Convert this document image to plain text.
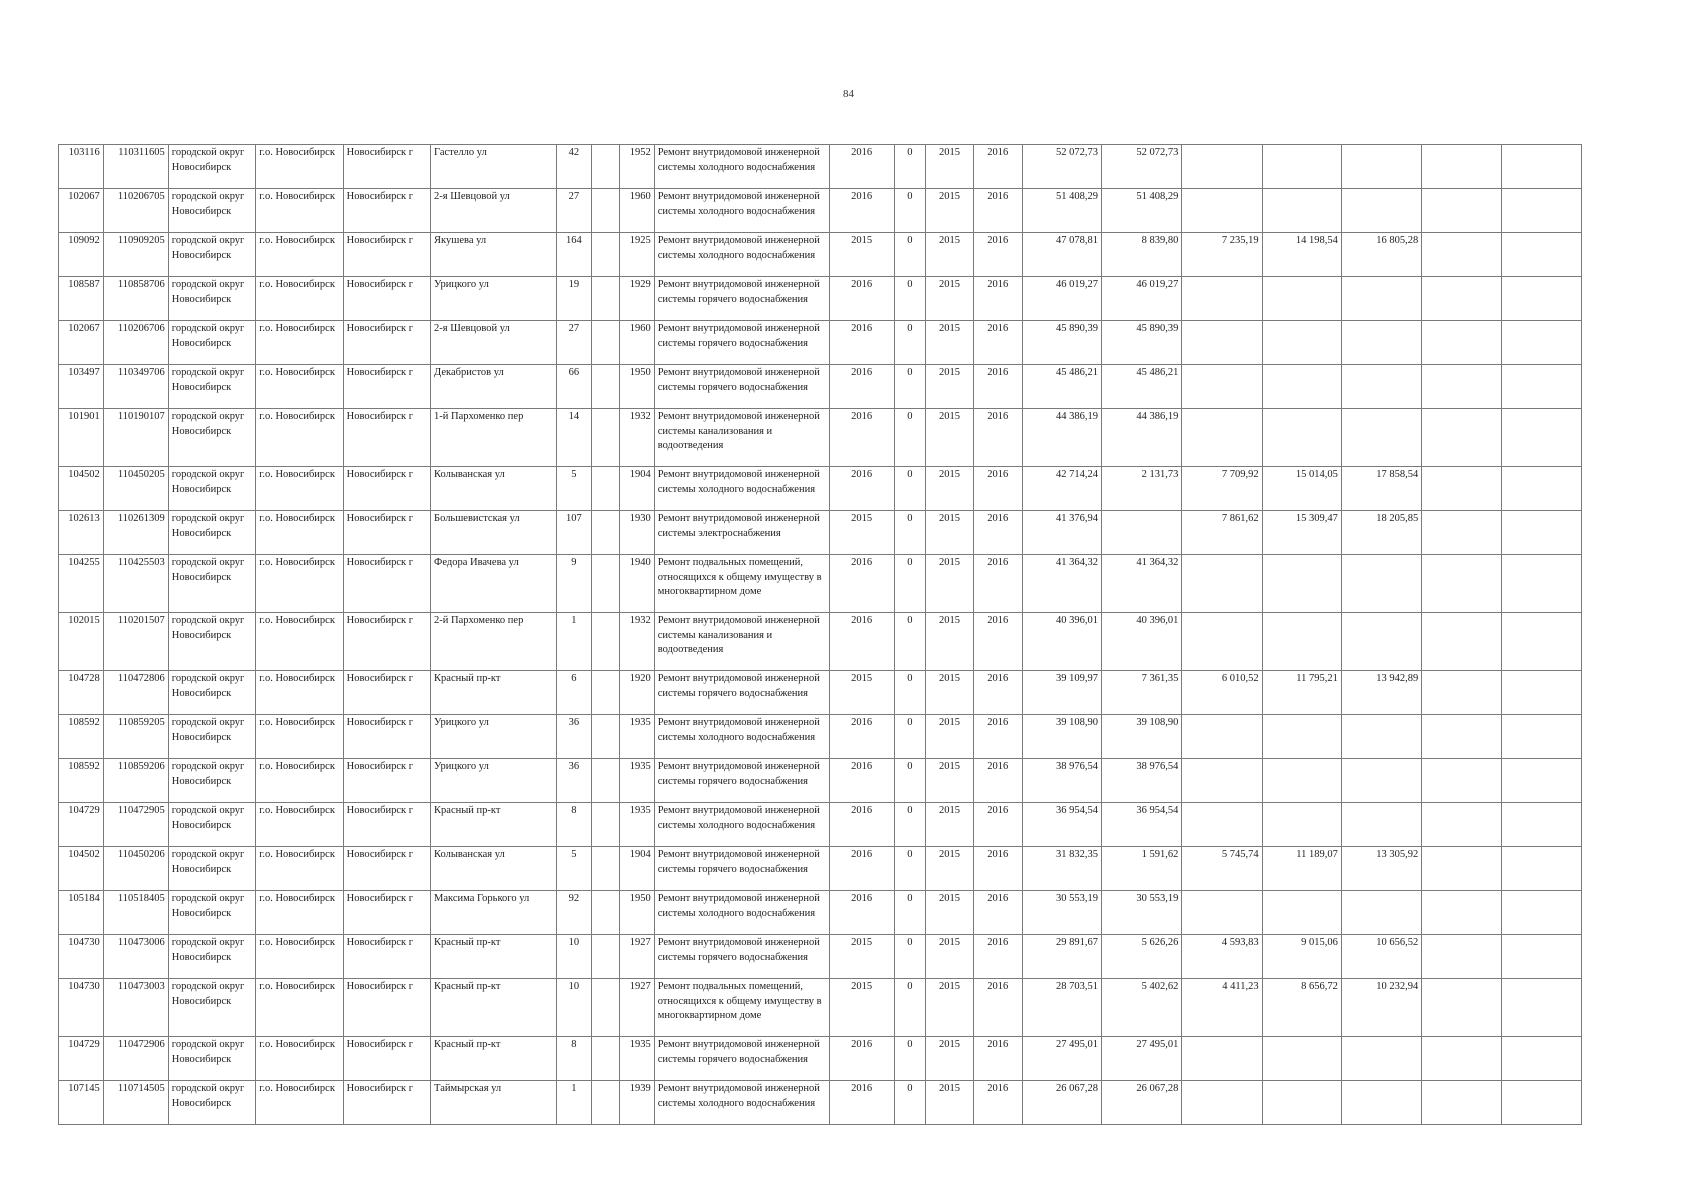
84
103116	110311605	городской округ Новосибирск	г.о. Новосибирск	Новосибирск г	Гастелло ул	42		1952	Ремонт внутридомовой инженерной системы холодного водоснабжения	2016	0	2015	2016	52 072,73	52 072,73					

102067	110206705	городской округ Новосибирск	г.о. Новосибирск	Новосибирск г	2-я Шевцовой ул	27		1960	Ремонт внутридомовой инженерной системы холодного водоснабжения	2016	0	2015	2016	51 408,29	51 408,29					

109092	110909205	городской округ Новосибирск	г.о. Новосибирск	Новосибирск г	Якушева ул	164		1925	Ремонт внутридомовой инженерной системы холодного водоснабжения	2015	0	2015	2016	47 078,81	8 839,80	7 235,19	14 198,54	16 805,28		

108587	110858706	городской округ Новосибирск	г.о. Новосибирск	Новосибирск г	Урицкого ул	19		1929	Ремонт внутридомовой инженерной системы горячего водоснабжения	2016	0	2015	2016	46 019,27	46 019,27					

102067	110206706	городской округ Новосибирск	г.о. Новосибирск	Новосибирск г	2-я Шевцовой ул	27		1960	Ремонт внутридомовой инженерной системы горячего водоснабжения	2016	0	2015	2016	45 890,39	45 890,39					

103497	110349706	городской округ Новосибирск	г.о. Новосибирск	Новосибирск г	Декабристов ул	66		1950	Ремонт внутридомовой инженерной системы горячего водоснабжения	2016	0	2015	2016	45 486,21	45 486,21					

101901	110190107	городской округ Новосибирск	г.о. Новосибирск	Новосибирск г	1-й Пархоменко пер	14		1932	Ремонт внутридомовой инженерной системы канализования и водоотведения	2016	0	2015	2016	44 386,19	44 386,19					

104502	110450205	городской округ Новосибирск	г.о. Новосибирск	Новосибирск г	Колыванская ул	5		1904	Ремонт внутридомовой инженерной системы холодного водоснабжения	2016	0	2015	2016	42 714,24	2 131,73	7 709,92	15 014,05	17 858,54		

102613	110261309	городской округ Новосибирск	г.о. Новосибирск	Новосибирск г	Большевистская ул	107		1930	Ремонт внутридомовой инженерной системы электроснабжения	2015	0	2015	2016	41 376,94		7 861,62	15 309,47	18 205,85		

104255	110425503	городской округ Новосибирск	г.о. Новосибирск	Новосибирск г	Федора Ивачева ул	9		1940	Ремонт подвальных помещений, относящихся к общему имуществу в многоквартирном доме	2016	0	2015	2016	41 364,32	41 364,32					

102015	110201507	городской округ Новосибирск	г.о. Новосибирск	Новосибирск г	2-й Пархоменко пер	1		1932	Ремонт внутридомовой инженерной системы канализования и водоотведения	2016	0	2015	2016	40 396,01	40 396,01					

104728	110472806	городской округ Новосибирск	г.о. Новосибирск	Новосибирск г	Красный пр-кт	6		1920	Ремонт внутридомовой инженерной системы горячего водоснабжения	2015	0	2015	2016	39 109,97	7 361,35	6 010,52	11 795,21	13 942,89		

108592	110859205	городской округ Новосибирск	г.о. Новосибирск	Новосибирск г	Урицкого ул	36		1935	Ремонт внутридомовой инженерной системы холодного водоснабжения	2016	0	2015	2016	39 108,90	39 108,90					

108592	110859206	городской округ Новосибирск	г.о. Новосибирск	Новосибирск г	Урицкого ул	36		1935	Ремонт внутридомовой инженерной системы горячего водоснабжения	2016	0	2015	2016	38 976,54	38 976,54					

104729	110472905	городской округ Новосибирск	г.о. Новосибирск	Новосибирск г	Красный пр-кт	8		1935	Ремонт внутридомовой инженерной системы холодного водоснабжения	2016	0	2015	2016	36 954,54	36 954,54					

104502	110450206	городской округ Новосибирск	г.о. Новосибирск	Новосибирск г	Колыванская ул	5		1904	Ремонт внутридомовой инженерной системы горячего водоснабжения	2016	0	2015	2016	31 832,35	1 591,62	5 745,74	11 189,07	13 305,92		

105184	110518405	городской округ Новосибирск	г.о. Новосибирск	Новосибирск г	Максима Горького ул	92		1950	Ремонт внутридомовой инженерной системы холодного водоснабжения	2016	0	2015	2016	30 553,19	30 553,19					

104730	110473006	городской округ Новосибирск	г.о. Новосибирск	Новосибирск г	Красный пр-кт	10		1927	Ремонт внутридомовой инженерной системы горячего водоснабжения	2015	0	2015	2016	29 891,67	5 626,26	4 593,83	9 015,06	10 656,52		

104730	110473003	городской округ Новосибирск	г.о. Новосибирск	Новосибирск г	Красный пр-кт	10		1927	Ремонт подвальных помещений, относящихся к общему имуществу в многоквартирном доме	2015	0	2015	2016	28 703,51	5 402,62	4 411,23	8 656,72	10 232,94		

104729	110472906	городской округ Новосибирск	г.о. Новосибирск	Новосибирск г	Красный пр-кт	8		1935	Ремонт внутридомовой инженерной системы горячего водоснабжения	2016	0	2015	2016	27 495,01	27 495,01					

107145	110714505	городской округ Новосибирск	г.о. Новосибирск	Новосибирск г	Таймырская ул	1		1939	Ремонт внутридомовой инженерной системы холодного водоснабжения	2016	0	2015	2016	26 067,28	26 067,28					
